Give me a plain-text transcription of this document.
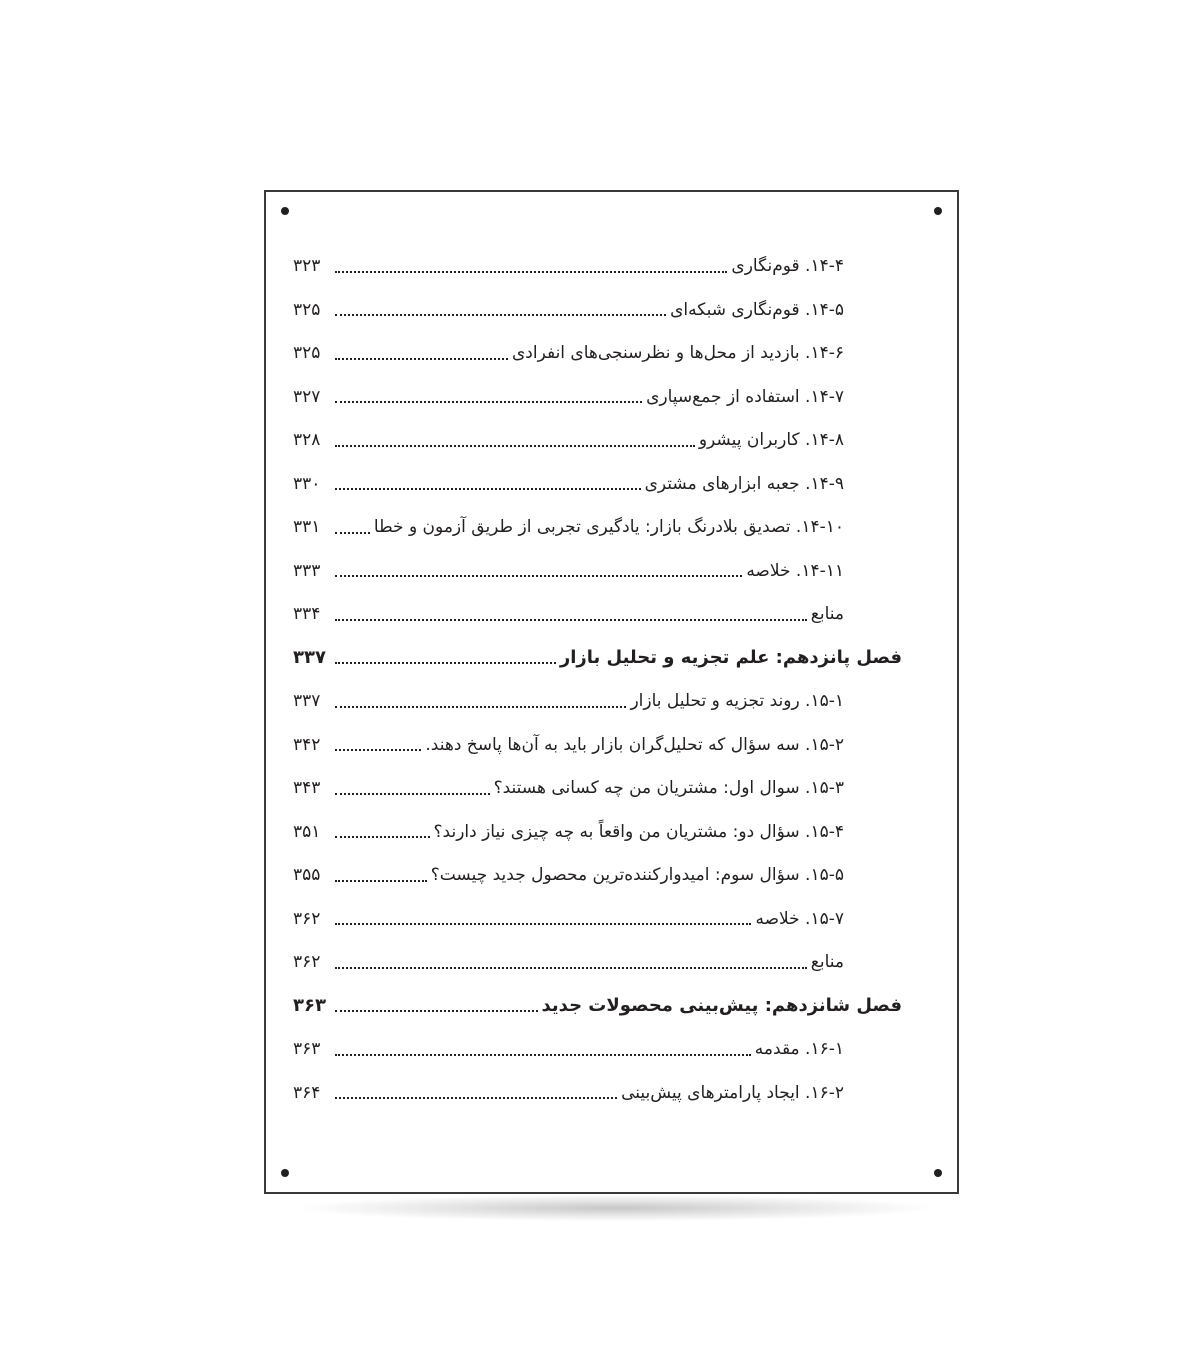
۱۴-۴. قوم‌نگاری
۳۲۳
۱۴-۵. قوم‌نگاری شبکه‌ای
۳۲۵
۱۴-۶. بازدید از محل‌ها و نظرسنجی‌های انفرادی
۳۲۵
۱۴-۷. استفاده از جمع‌سپاری
۳۲۷
۱۴-۸. کاربران پیشرو
۳۲۸
۱۴-۹. جعبه ابزارهای مشتری
۳۳۰
۱۴-۱۰. تصدیق بلادرنگ بازار: یادگیری تجربی از طریق آزمون و خطا
۳۳۱
۱۴-۱۱. خلاصه
۳۳۳
منابع
۳۳۴
فصل پانزدهم: علم تجزیه و تحلیل بازار
۳۳۷
۱۵-۱. روند تجزیه و تحلیل بازار
۳۳۷
۱۵-۲. سه سؤال که تحلیل‌گران بازار باید به آن‌ها پاسخ دهند.
۳۴۲
۱۵-۳. سوال اول: مشتریان من چه کسانی هستند؟
۳۴۳
۱۵-۴. سؤال دو: مشتریان من واقعاً به چه چیزی نیاز دارند؟
۳۵۱
۱۵-۵. سؤال سوم: امیدوارکننده‌ترین محصول جدید چیست؟
۳۵۵
۱۵-۷. خلاصه
۳۶۲
منابع
۳۶۲
فصل شانزدهم: پیش‌بینی محصولات جدید
۳۶۳
۱۶-۱. مقدمه
۳۶۳
۱۶-۲. ایجاد پارامترهای پیش‌بینی
۳۶۴
